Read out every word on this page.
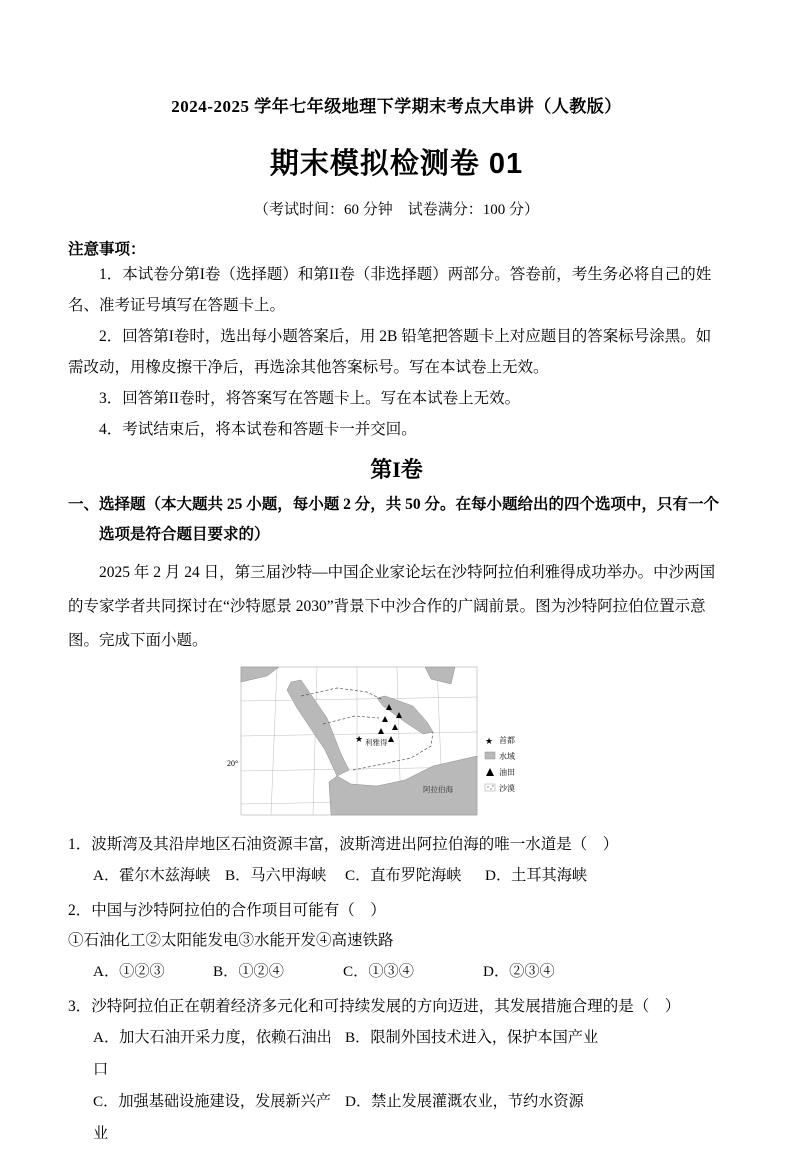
2024-2025 学年七年级地理下学期末考点大串讲（人教版）
期末模拟检测卷 01
（考试时间：60 分钟　试卷满分：100 分）
注意事项：

1．本试卷分第I卷（选择题）和第II卷（非选择题）两部分。答卷前，考生务必将自己的姓名、准考证号填写在答题卡上。

2．回答第I卷时，选出每小题答案后，用 2B 铅笔把答题卡上对应题目的答案标号涂黑。如需改动，用橡皮擦干净后，再选涂其他答案标号。写在本试卷上无效。

3．回答第II卷时，将答案写在答题卡上。写在本试卷上无效。

4．考试结束后，将本试卷和答题卡一并交回。

第I卷
一、选择题（本大题共 25 小题，每小题 2 分，共 50 分。在每小题给出的四个选项中，只有一个选项是符合题目要求的）

2025 年 2 月 24 日，第三届沙特—中国企业家论坛在沙特阿拉伯利雅得成功举办。中沙两国的专家学者共同探讨在“沙特愿景 2030”背景下中沙合作的广阔前景。图为沙特阿拉伯位置示意图。完成下面小题。

★ 利雅得
阿拉伯海
20°
★ 首都
水域
油田
沙漠
1．波斯湾及其沿岸地区石油资源丰富，波斯湾进出阿拉伯海的唯一水道是（　）
A．霍尔木兹海峡 B．马六甲海峡	C．直布罗陀海峡	D．土耳其海峡
2．中国与沙特阿拉伯的合作项目可能有（　）
①石油化工②太阳能发电③水能开发④高速铁路
A．①②③	B．①②④	C．①③④	D．②③④
3．沙特阿拉伯正在朝着经济多元化和可持续发展的方向迈进，其发展措施合理的是（　）
A．加大石油开采力度，依赖石油出口
B．限制外国技术进入，保护本国产业
C．加强基础设施建设，发展新兴产业
D．禁止发展灌溉农业，节约水资源
